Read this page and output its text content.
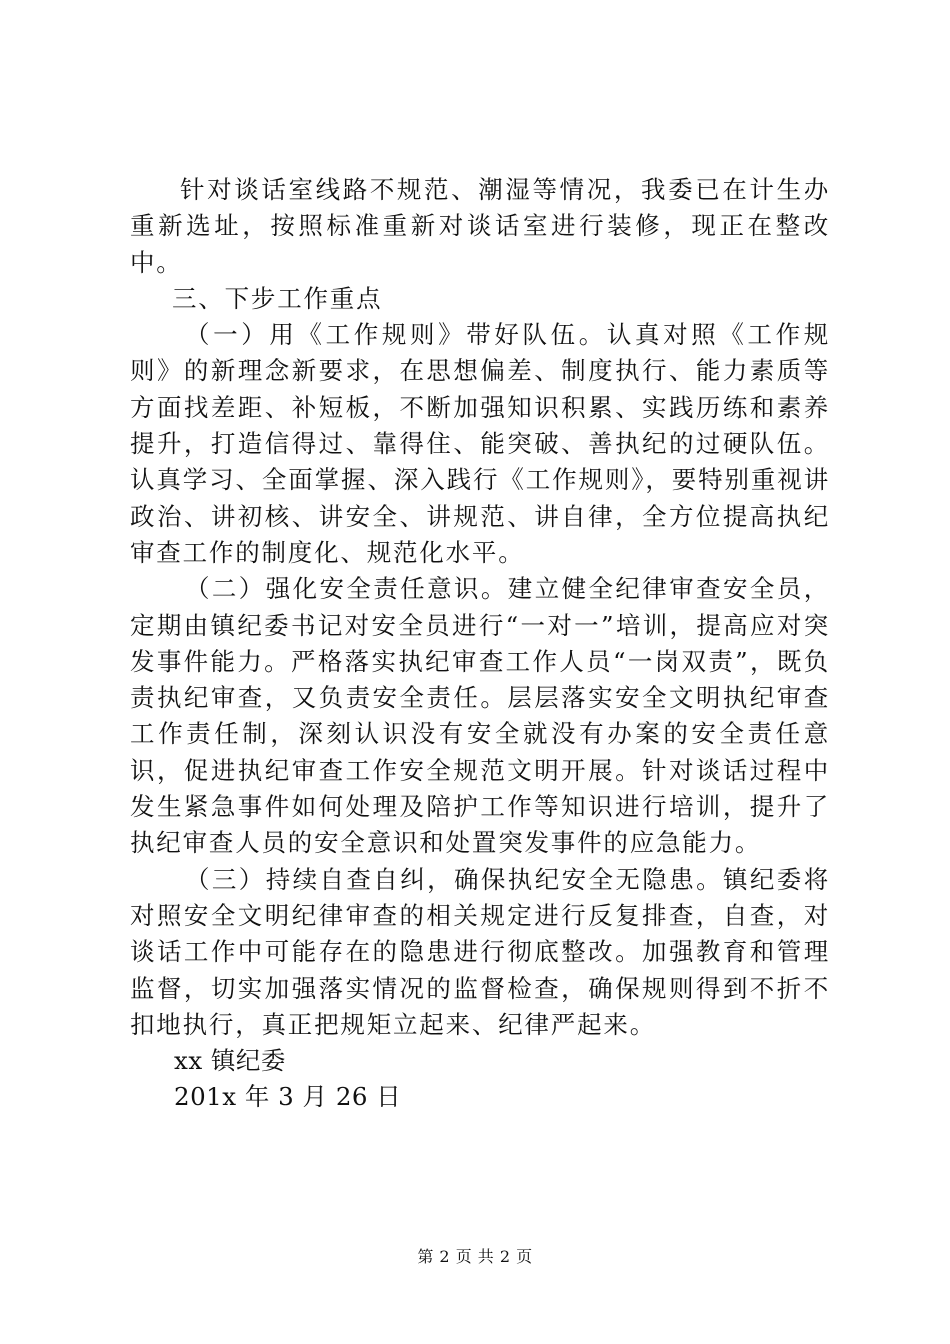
针对谈话室线路不规范、潮湿等情况，我委已在计生办重新选址，按照标准重新对谈话室进行装修，现正在整改中。

三、下步工作重点

（一）用《工作规则》带好队伍。认真对照《工作规则》的新理念新要求，在思想偏差、制度执行、能力素质等方面找差距、补短板，不断加强知识积累、实践历练和素养提升，打造信得过、靠得住、能突破、善执纪的过硬队伍。认真学习、全面掌握、深入践行《工作规则》，要特别重视讲政治、讲初核、讲安全、讲规范、讲自律，全方位提高执纪审查工作的制度化、规范化水平。

（二）强化安全责任意识。建立健全纪律审查安全员，定期由镇纪委书记对安全员进行“一对一”培训，提高应对突发事件能力。严格落实执纪审查工作人员“一岗双责”，既负责执纪审查，又负责安全责任。层层落实安全文明执纪审查工作责任制，深刻认识没有安全就没有办案的安全责任意识，促进执纪审查工作安全规范文明开展。针对谈话过程中发生紧急事件如何处理及陪护工作等知识进行培训，提升了执纪审查人员的安全意识和处置突发事件的应急能力。

（三）持续自查自纠，确保执纪安全无隐患。镇纪委将对照安全文明纪律审查的相关规定进行反复排查，自查，对谈话工作中可能存在的隐患进行彻底整改。加强教育和管理监督，切实加强落实情况的监督检查，确保规则得到不折不扣地执行，真正把规矩立起来、纪律严起来。

xx 镇纪委

201x 年 3 月 26 日

第 2 页 共 2 页
